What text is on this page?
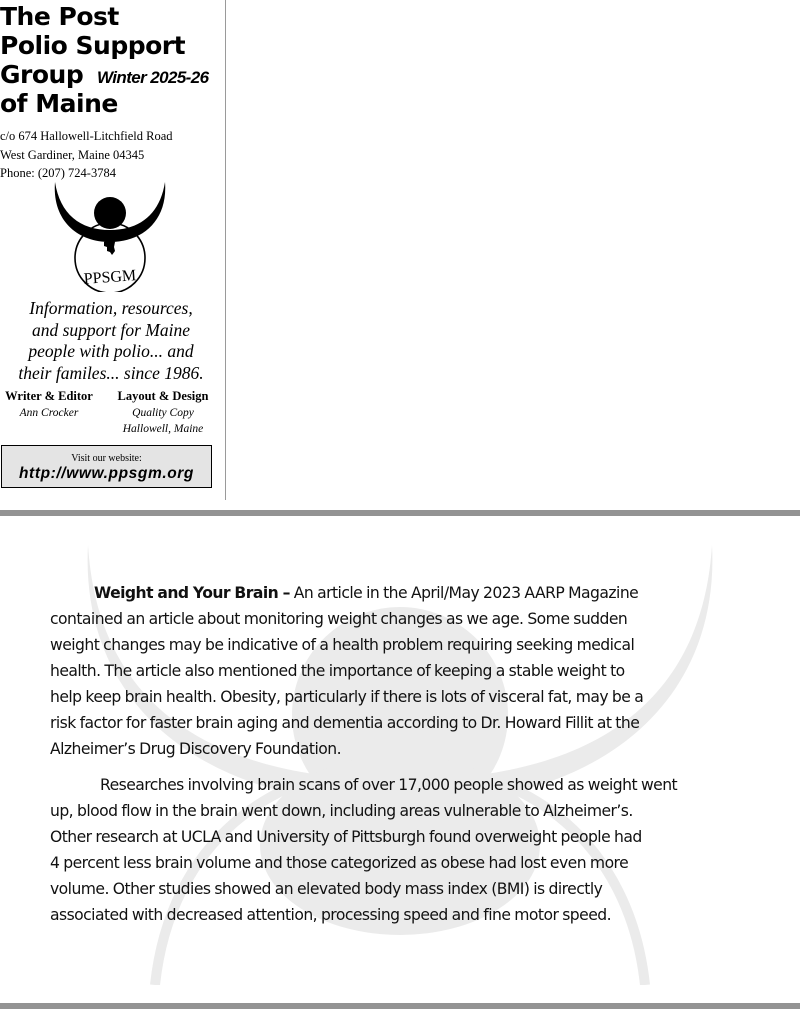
The Post
Polio Support
Group
of Maine
Winter 2025-26
c/o 674 Hallowell-Litchfield Road
West Gardiner, Maine 04345
Phone: (207) 724-3784
PPSGM
Information, resources,
and support for Maine
people with polio... and
their familes... since 1986.
Writer & Editor
Ann Crocker
Layout & Design
Quality Copy
Hallowell, Maine
Visit our website:
http://www.ppsgm.org

Weight and Your Brain – An article in the April/May 2023 AARP Magazine
contained an article about monitoring weight changes as we age. Some sudden
weight changes may be indicative of a health problem requiring seeking medical
health. The article also mentioned the importance of keeping a stable weight to
help keep brain health. Obesity, particularly if there is lots of visceral fat, may be a
risk factor for faster brain aging and dementia according to Dr. Howard Fillit at the
Alzheimer’s Drug Discovery Foundation.

Researches involving brain scans of over 17,000 people showed as weight went
up, blood flow in the brain went down, including areas vulnerable to Alzheimer’s.
Other research at UCLA and University of Pittsburgh found overweight people had
4 percent less brain volume and those categorized as obese had lost even more
volume. Other studies showed an elevated body mass index (BMI) is directly
associated with decreased attention, processing speed and fine motor speed.
